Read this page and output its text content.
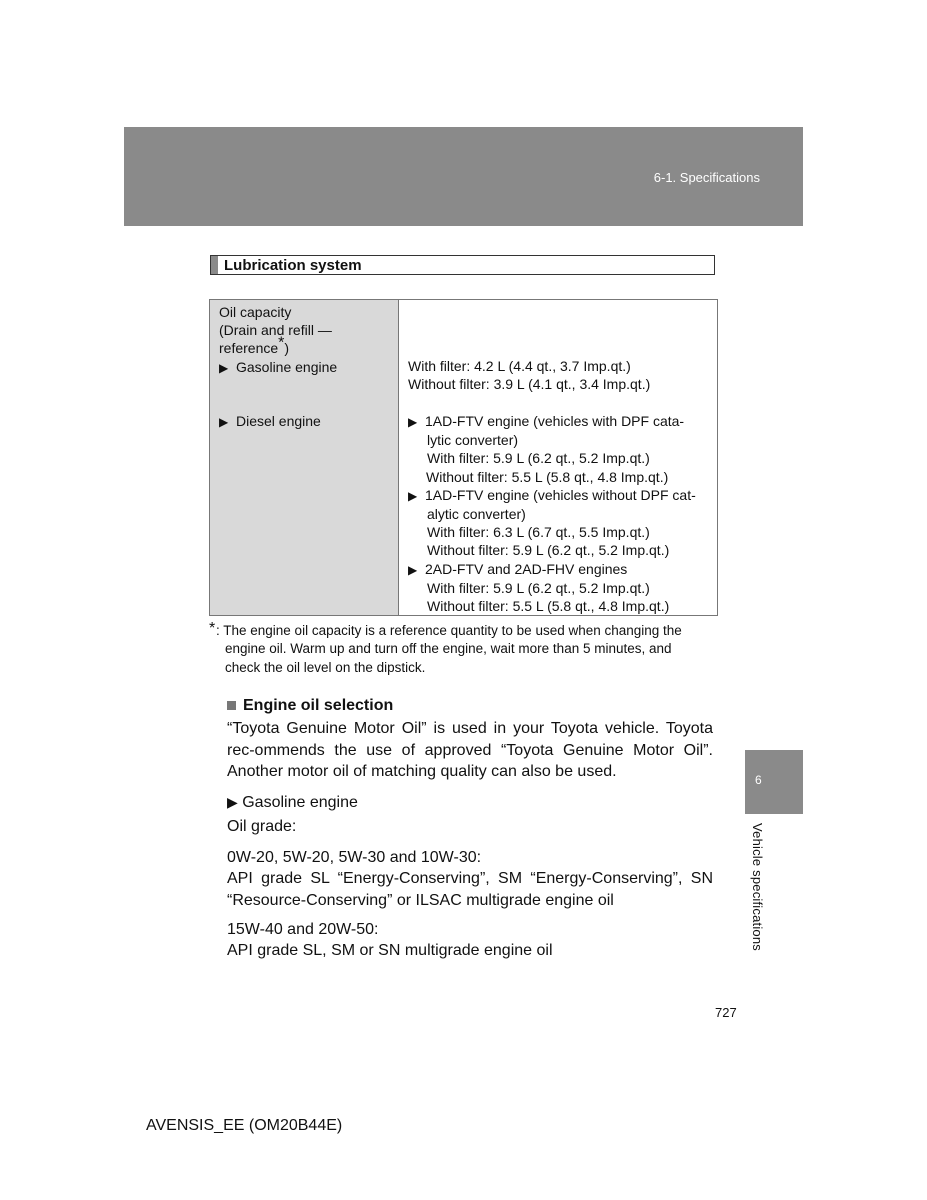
6-1. Specifications
Lubrication system
Oil capacity
(Drain and refill —
reference*)
▶ Gasoline engine
▶ Diesel engine
With filter: 4.2 L (4.4 qt., 3.7 Imp.qt.)
Without filter: 3.9 L (4.1 qt., 3.4 Imp.qt.)
▶ 1AD-FTV engine (vehicles with DPF cata-
lytic converter)
With filter: 5.9 L (6.2 qt., 5.2 Imp.qt.)
Without filter: 5.5 L (5.8 qt., 4.8 Imp.qt.)
▶ 1AD-FTV engine (vehicles without DPF cat-
alytic converter)
With filter: 6.3 L (6.7 qt., 5.5 Imp.qt.)
Without filter: 5.9 L (6.2 qt., 5.2 Imp.qt.)
▶ 2AD-FTV and 2AD-FHV engines
With filter: 5.9 L (6.2 qt., 5.2 Imp.qt.)
Without filter: 5.5 L (5.8 qt., 4.8 Imp.qt.)
* : The engine oil capacity is a reference quantity to be used when changing the
engine oil. Warm up and turn off the engine, wait more than 5 minutes, and
check the oil level on the dipstick.
Engine oil selection
“Toyota Genuine Motor Oil” is used in your Toyota vehicle. Toyota rec-ommends the use of approved “Toyota Genuine Motor Oil”. Another motor oil of matching quality can also be used.
▶ Gasoline engine
Oil grade:
0W-20, 5W-20, 5W-30 and 10W-30:
API grade SL “Energy-Conserving”, SM “Energy-Conserving”, SN “Resource-Conserving” or ILSAC multigrade engine oil
15W-40 and 20W-50:
API grade SL, SM or SN multigrade engine oil
6
Vehicle specifications
727
AVENSIS_EE (OM20B44E)
